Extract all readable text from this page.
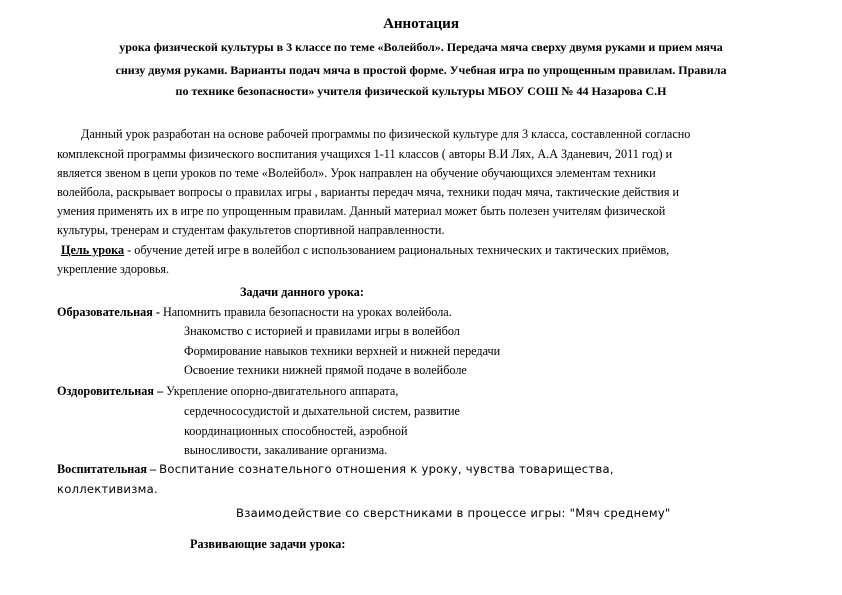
Аннотация
урока физической культуры в 3 классе по теме «Волейбол». Передача мяча сверху двумя руками и прием мяча
снизу двумя руками. Варианты подач мяча в простой форме. Учебная игра по упрощенным правилам. Правила
по технике безопасности» учителя физической культуры МБОУ СОШ № 44 Назарова С.Н
Данный урок разработан на основе рабочей программы по физической культуре для 3 класса, составленной согласно
комплексной программы физического воспитания учащихся 1-11 классов ( авторы В.И Лях, А.А Зданевич, 2011 год) и
является звеном в цепи уроков по теме «Волейбол». Урок направлен на обучение обучающихся элементам техники
волейбола, раскрывает вопросы о правилах игры , варианты передач мяча, техники подач мяча, тактические действия и
умения применять их в игре по упрощенным правилам. Данный материал может быть полезен учителям физической
культуры, тренерам и студентам факультетов спортивной направленности.
Цель урока - обучение детей игре в волейбол с использованием рациональных технических и тактических приёмов,
укрепление здоровья.
Задачи данного урока:
Образовательная - Напомнить правила безопасности на уроках волейбола.
Знакомство с историей и правилами игры в волейбол
Формирование навыков техники верхней и нижней передачи
Освоение техники нижней прямой подаче в волейболе
Оздоровительная – Укрепление опорно-двигательного аппарата,
сердечнососудистой и дыхательной систем, развитие
координационных способностей, аэробной
выносливости, закаливание организма.
Воспитательная – Воспитание сознательного отношения к уроку, чувства товарищества,
коллективизма.
Взаимодействие со сверстниками в процессе игры: "Мяч среднему"
Развивающие задачи урока:
